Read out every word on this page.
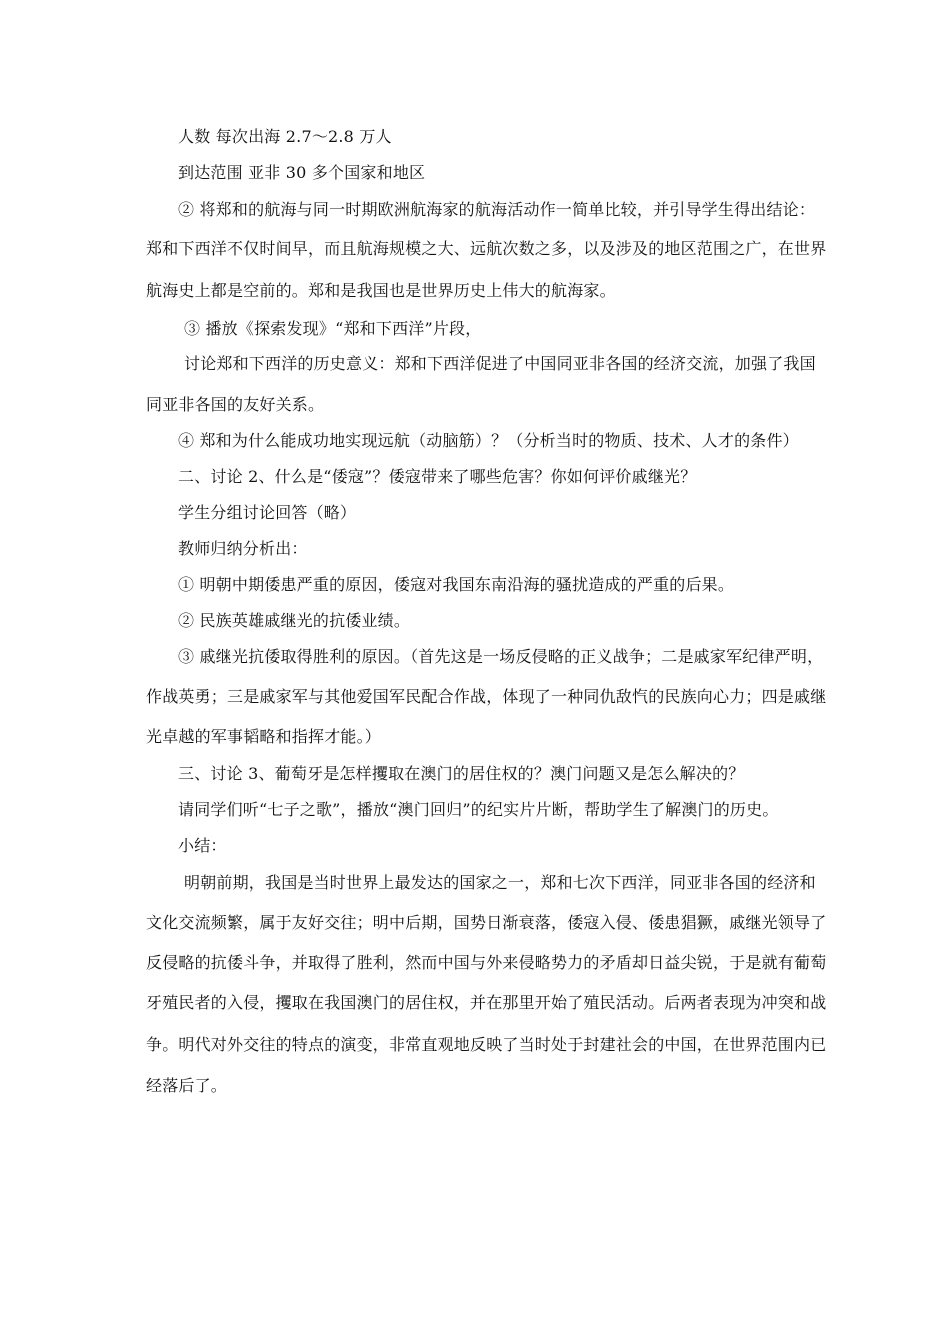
人数 每次出海 2.7～2.8 万人
到达范围 亚非 30 多个国家和地区
② 将郑和的航海与同一时期欧洲航海家的航海活动作一简单比较，并引导学生得出结论：
郑和下西洋不仅时间早，而且航海规模之大、远航次数之多，以及涉及的地区范围之广，在世界
航海史上都是空前的。郑和是我国也是世界历史上伟大的航海家。
③ 播放《探索发现》“郑和下西洋”片段，
讨论郑和下西洋的历史意义：郑和下西洋促进了中国同亚非各国的经济交流，加强了我国
同亚非各国的友好关系。
④ 郑和为什么能成功地实现远航（动脑筋）？（分析当时的物质、技术、人才的条件）
二、讨论 2、什么是“倭寇”？倭寇带来了哪些危害？你如何评价戚继光？
学生分组讨论回答（略）
教师归纳分析出：
① 明朝中期倭患严重的原因，倭寇对我国东南沿海的骚扰造成的严重的后果。
② 民族英雄戚继光的抗倭业绩。
③ 戚继光抗倭取得胜利的原因。（首先这是一场反侵略的正义战争；二是戚家军纪律严明，
作战英勇；三是戚家军与其他爱国军民配合作战，体现了一种同仇敌忾的民族向心力；四是戚继
光卓越的军事韬略和指挥才能。）
三、讨论 3、葡萄牙是怎样攫取在澳门的居住权的？澳门问题又是怎么解决的？
请同学们听“七子之歌”，播放“澳门回归”的纪实片片断，帮助学生了解澳门的历史。
小结：
明朝前期，我国是当时世界上最发达的国家之一，郑和七次下西洋，同亚非各国的经济和
文化交流频繁，属于友好交往；明中后期，国势日渐衰落，倭寇入侵、倭患猖獗，戚继光领导了
反侵略的抗倭斗争，并取得了胜利，然而中国与外来侵略势力的矛盾却日益尖锐，于是就有葡萄
牙殖民者的入侵，攫取在我国澳门的居住权，并在那里开始了殖民活动。后两者表现为冲突和战
争。明代对外交往的特点的演变，非常直观地反映了当时处于封建社会的中国，在世界范围内已
经落后了。
